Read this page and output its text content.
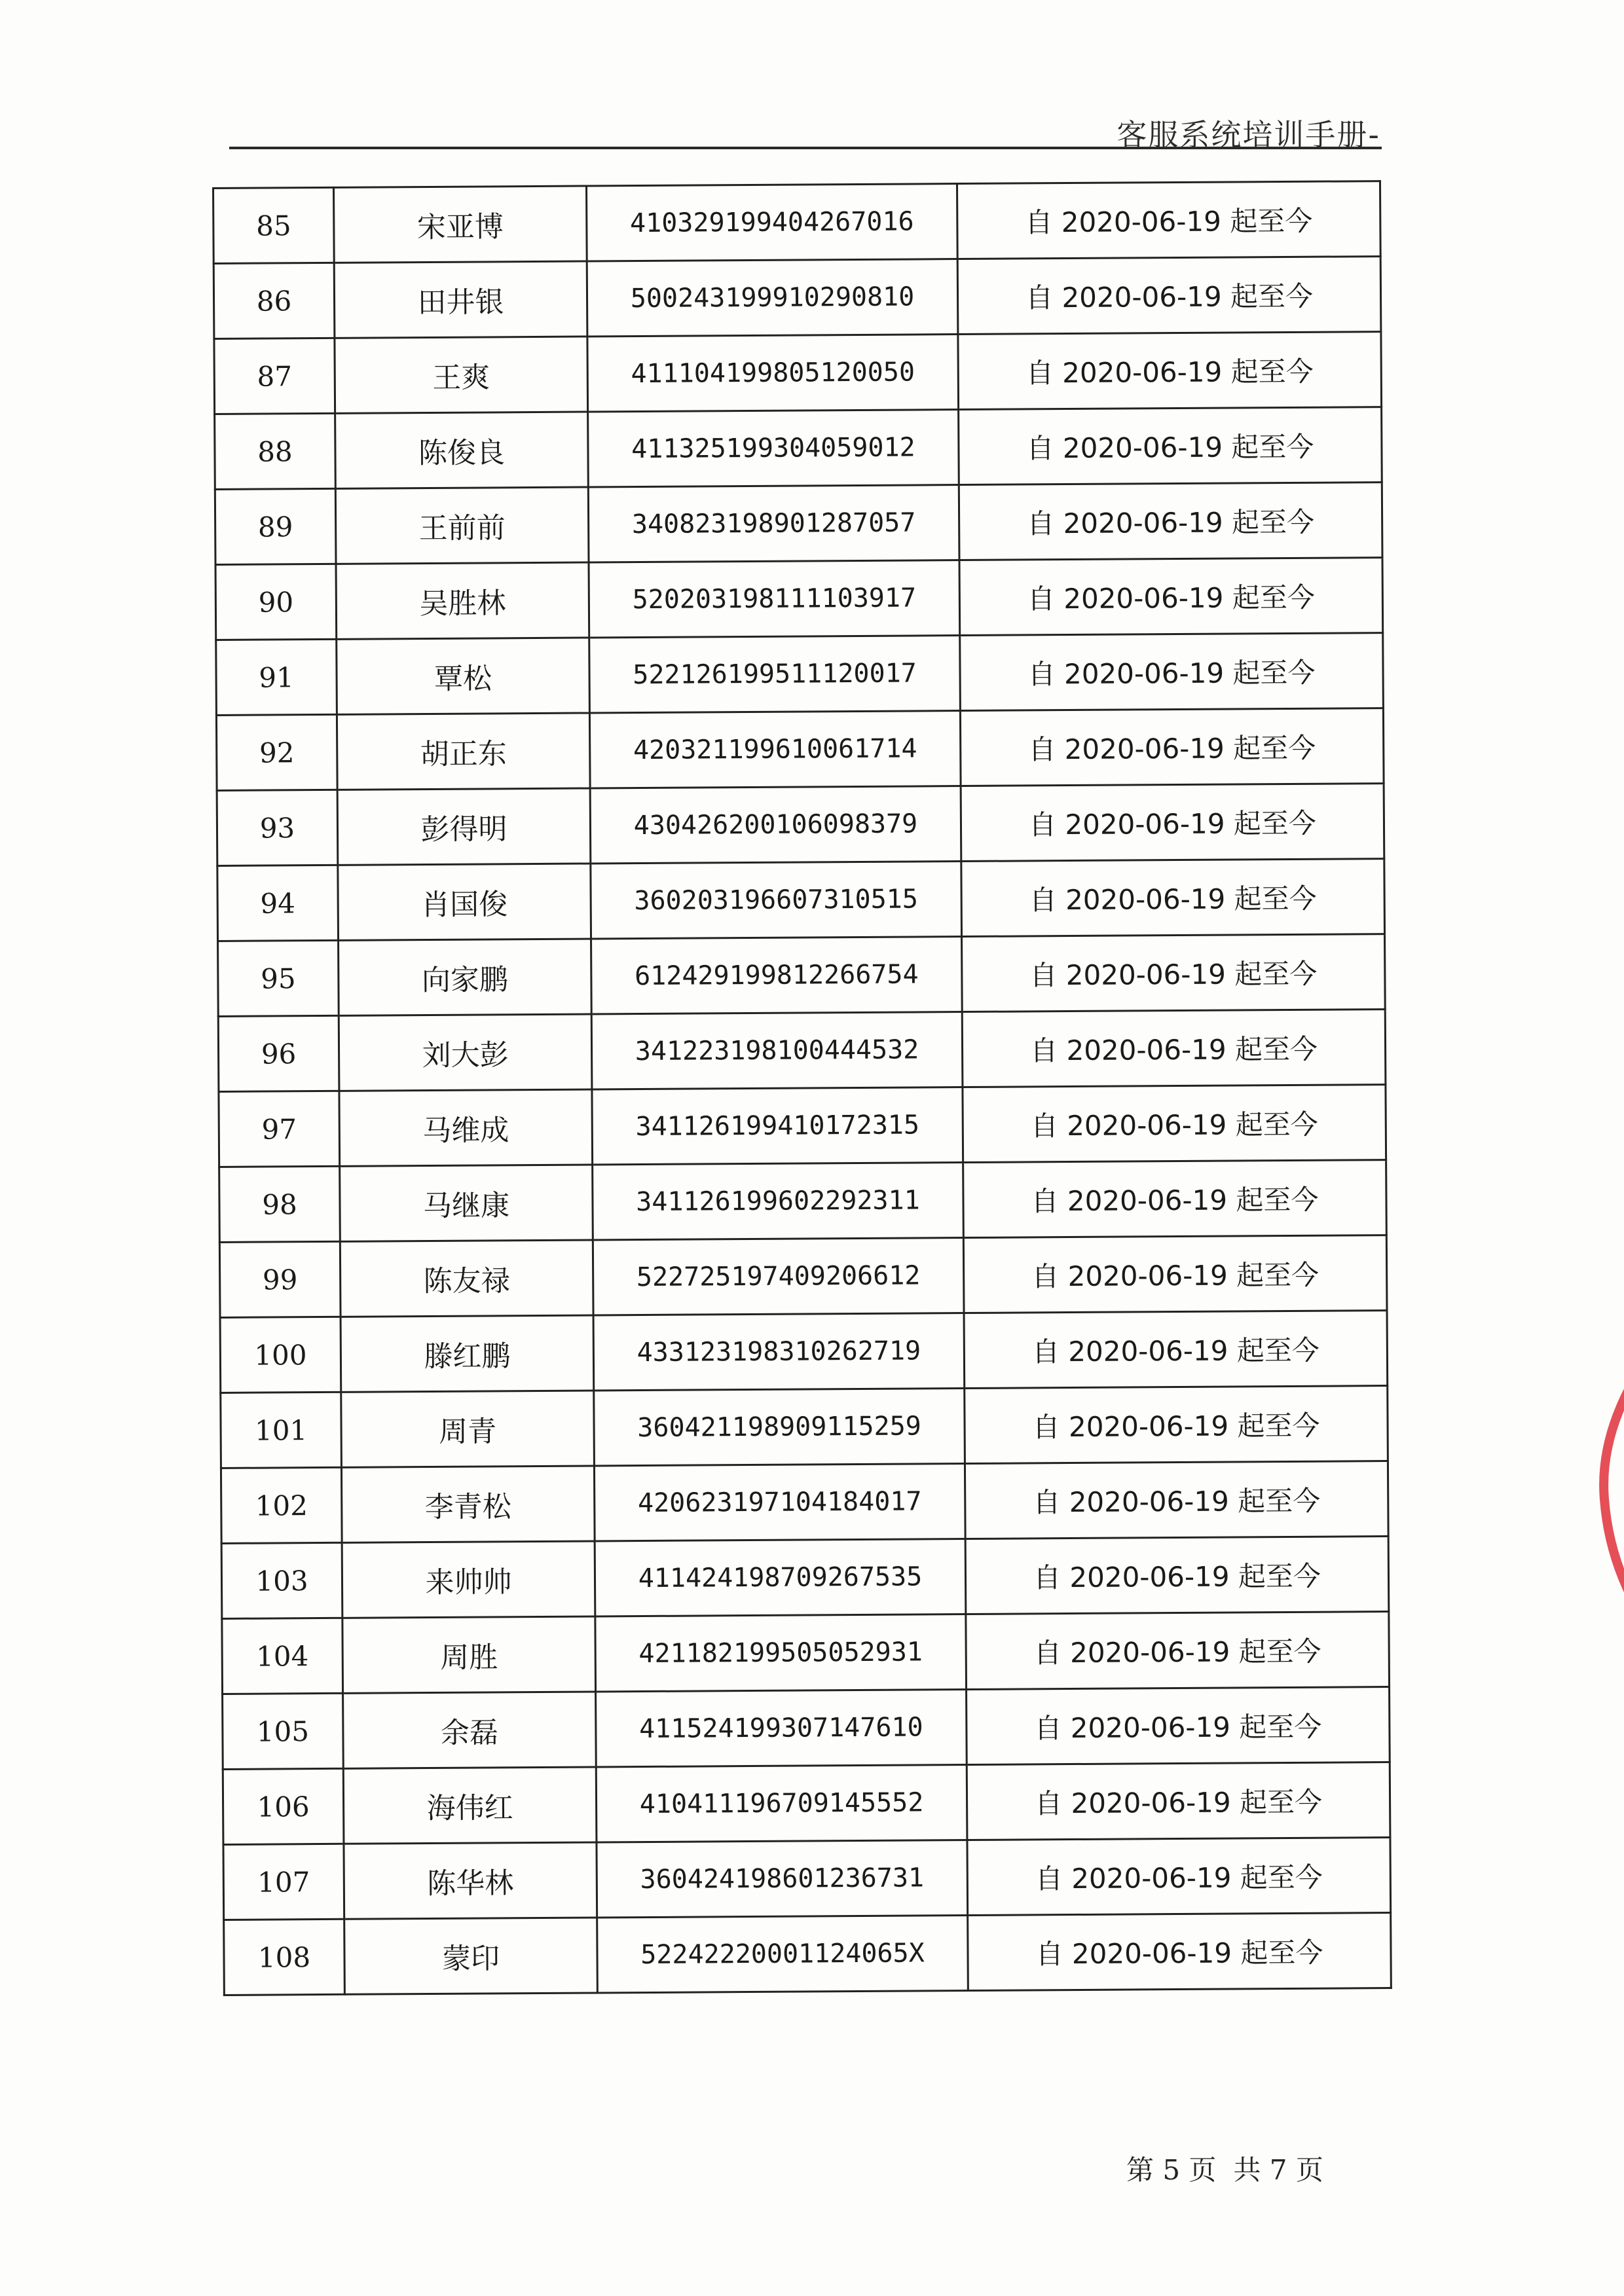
客服系统培训手册-
85	宋亚博	410329199404267016	自 2020-06-19 起至今
86	田井银	500243199910290810	自 2020-06-19 起至今
87	王爽	411104199805120050	自 2020-06-19 起至今
88	陈俊良	411325199304059012	自 2020-06-19 起至今
89	王前前	340823198901287057	自 2020-06-19 起至今
90	吴胜林	520203198111103917	自 2020-06-19 起至今
91	覃松	522126199511120017	自 2020-06-19 起至今
92	胡正东	420321199610061714	自 2020-06-19 起至今
93	彭得明	430426200106098379	自 2020-06-19 起至今
94	肖国俊	360203196607310515	自 2020-06-19 起至今
95	向家鹏	612429199812266754	自 2020-06-19 起至今
96	刘大彭	341223198100444532	自 2020-06-19 起至今
97	马维成	341126199410172315	自 2020-06-19 起至今
98	马继康	341126199602292311	自 2020-06-19 起至今
99	陈友禄	522725197409206612	自 2020-06-19 起至今
100	滕红鹏	433123198310262719	自 2020-06-19 起至今
101	周青	360421198909115259	自 2020-06-19 起至今
102	李青松	420623197104184017	自 2020-06-19 起至今
103	来帅帅	411424198709267535	自 2020-06-19 起至今
104	周胜	421182199505052931	自 2020-06-19 起至今
105	余磊	411524199307147610	自 2020-06-19 起至今
106	海伟红	410411196709145552	自 2020-06-19 起至今
107	陈华林	360424198601236731	自 2020-06-19 起至今
108	蒙印	52242220001124065X	自 2020-06-19 起至今
第 5 页 共 7 页
